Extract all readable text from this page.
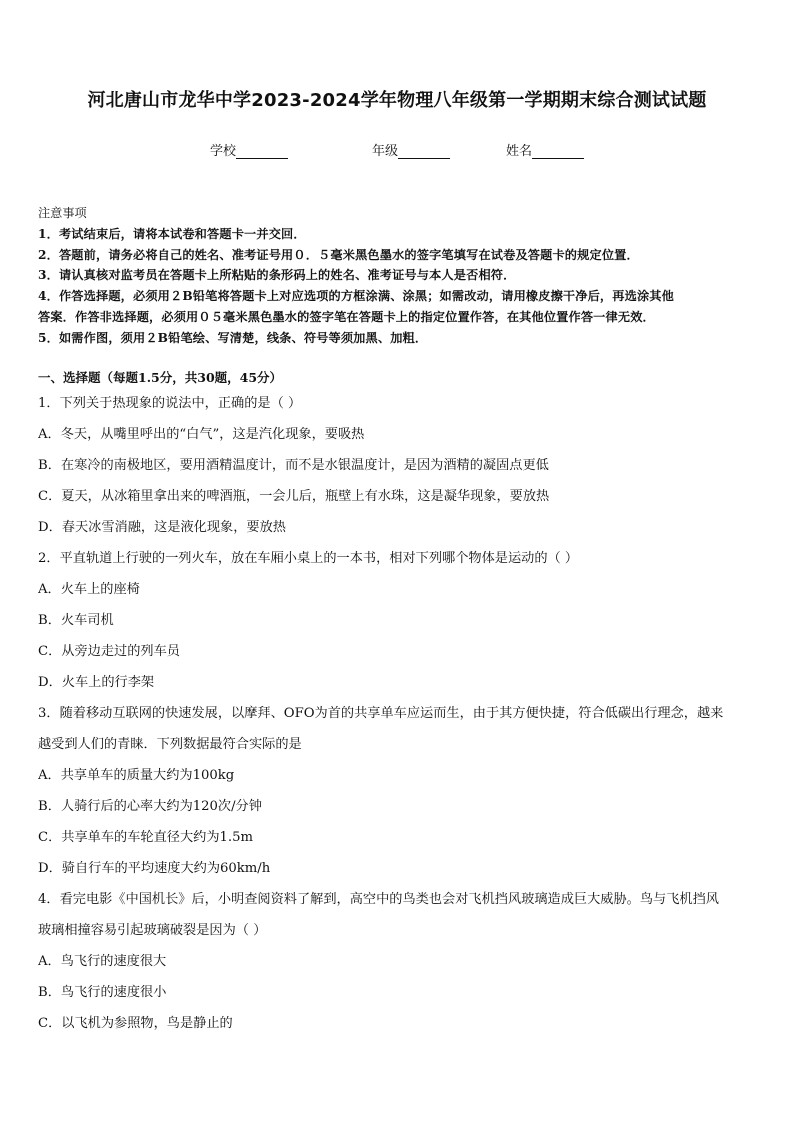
河北唐山市龙华中学2023-2024学年物理八年级第一学期期末综合测试试题
学校	年级	姓名
注意事项
1．考试结束后，请将本试卷和答题卡一并交回．
2．答题前，请务必将自己的姓名、准考证号用０．５毫米黑色墨水的签字笔填写在试卷及答题卡的规定位置．
3．请认真核对监考员在答题卡上所粘贴的条形码上的姓名、准考证号与本人是否相符．
4．作答选择题，必须用２B铅笔将答题卡上对应选项的方框涂满、涂黑；如需改动，请用橡皮擦干净后，再选涂其他
答案．作答非选择题，必须用０５毫米黑色墨水的签字笔在答题卡上的指定位置作答，在其他位置作答一律无效．
5．如需作图，须用２B铅笔绘、写清楚，线条、符号等须加黑、加粗．
一、选择题（每题1.5分，共30题，45分）
1．下列关于热现象的说法中，正确的是（ ）
A．冬天，从嘴里呼出的“白气”，这是汽化现象，要吸热
B．在寒冷的南极地区，要用酒精温度计，而不是水银温度计，是因为酒精的凝固点更低
C．夏天，从冰箱里拿出来的啤酒瓶，一会儿后，瓶壁上有水珠，这是凝华现象，要放热
D．春天冰雪消融，这是液化现象，要放热
2．平直轨道上行驶的一列火车，放在车厢小桌上的一本书，相对下列哪个物体是运动的（ ）
A．火车上的座椅
B．火车司机
C．从旁边走过的列车员
D．火车上的行李架
3．随着移动互联网的快速发展，以摩拜、OFO为首的共享单车应运而生，由于其方便快捷，符合低碳出行理念，越来
越受到人们的青睐．下列数据最符合实际的是
A．共享单车的质量大约为100kg
B．人骑行后的心率大约为120次/分钟
C．共享单车的车轮直径大约为1.5m
D．骑自行车的平均速度大约为60km/h
4．看完电影《中国机长》后，小明查阅资料了解到，高空中的鸟类也会对飞机挡风玻璃造成巨大威胁。鸟与飞机挡风
玻璃相撞容易引起玻璃破裂是因为（ ）
A．鸟飞行的速度很大
B．鸟飞行的速度很小
C．以飞机为参照物，鸟是静止的
